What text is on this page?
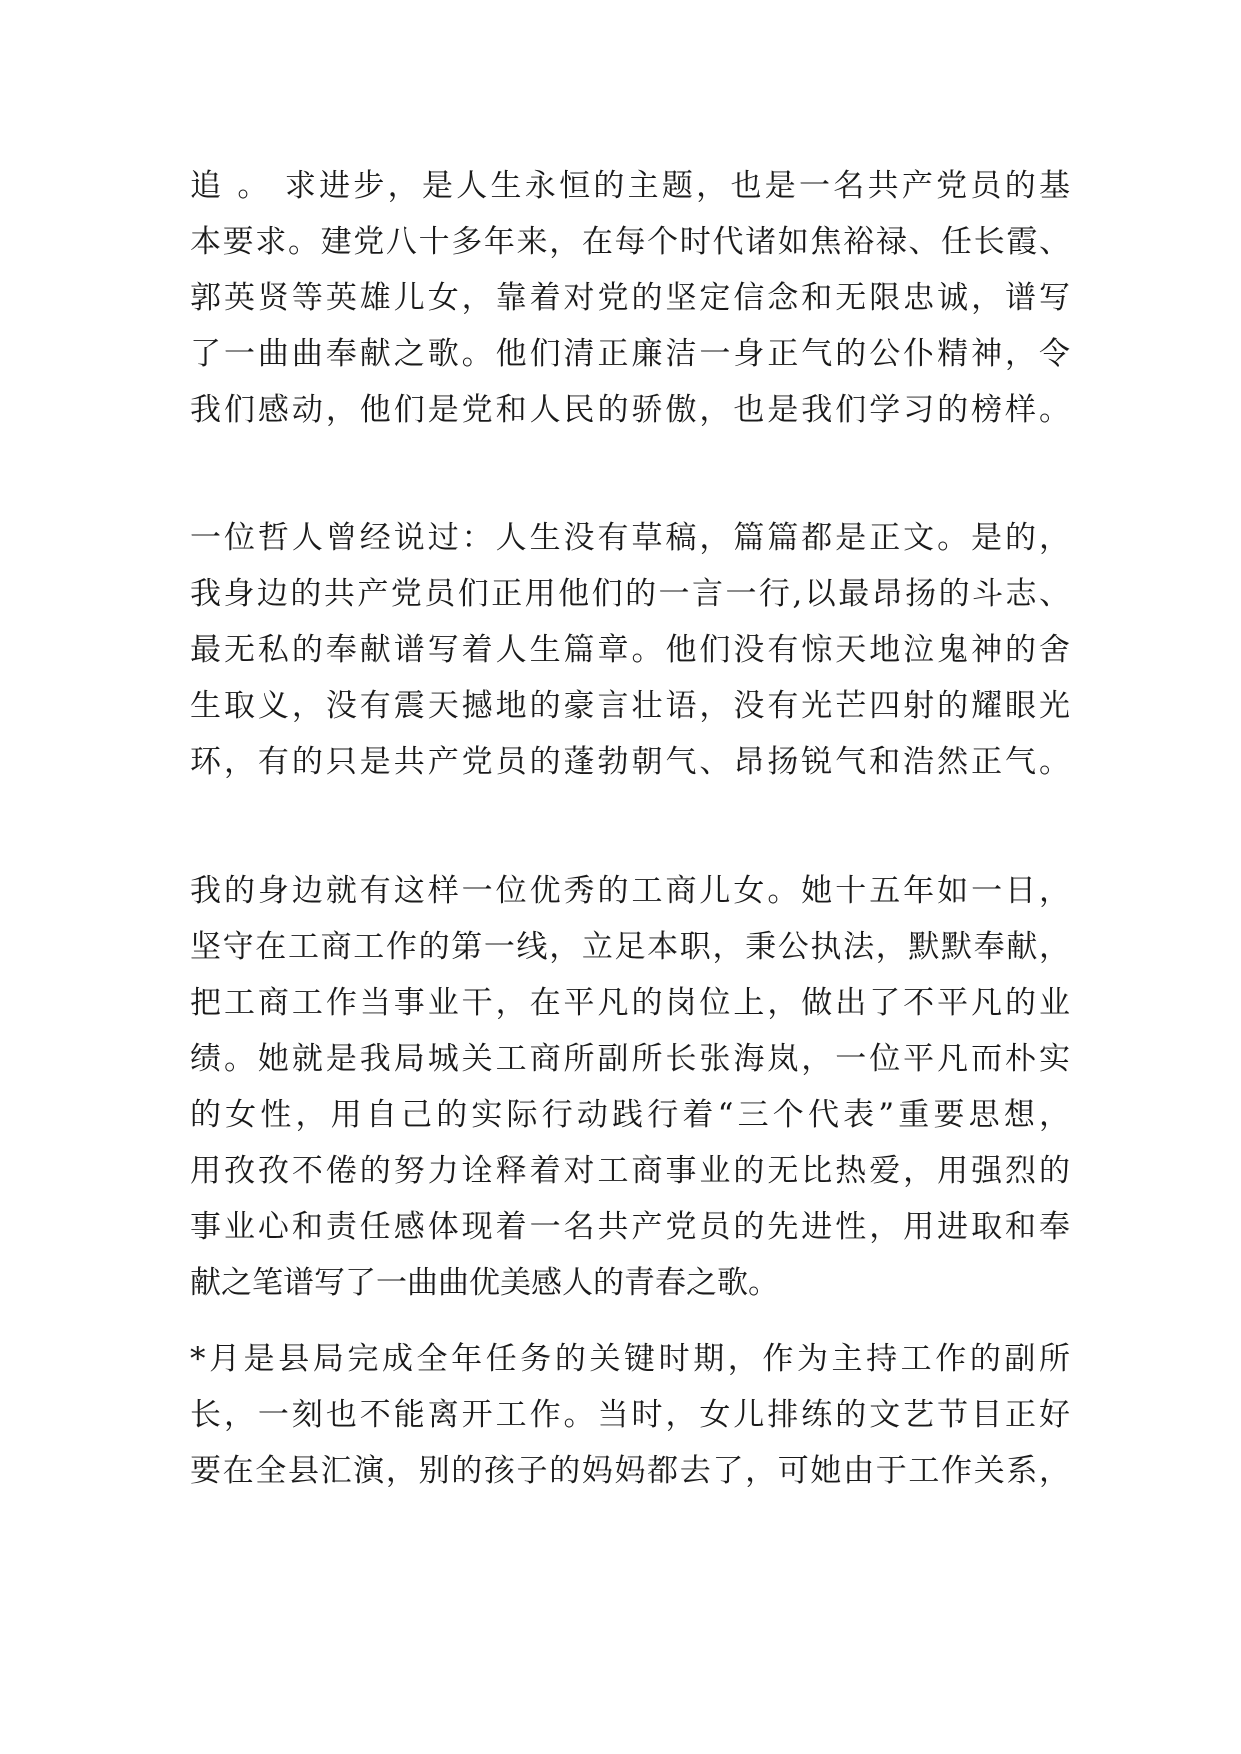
追 。 求进步，是人生永恒的主题，也是一名共产党员的基
本要求。建党八十多年来，在每个时代诸如焦裕禄、任长霞、
郭英贤等英雄儿女，靠着对党的坚定信念和无限忠诚，谱写
了一曲曲奉献之歌。他们清正廉洁一身正气的公仆精神，令
我们感动，他们是党和人民的骄傲，也是我们学习的榜样。
一位哲人曾经说过：人生没有草稿，篇篇都是正文。是的，
我身边的共产党员们正用他们的一言一行,以最昂扬的斗志、
最无私的奉献谱写着人生篇章。他们没有惊天地泣鬼神的舍
生取义，没有震天撼地的豪言壮语，没有光芒四射的耀眼光
环，有的只是共产党员的蓬勃朝气、昂扬锐气和浩然正气。
我的身边就有这样一位优秀的工商儿女。她十五年如一日，
坚守在工商工作的第一线，立足本职，秉公执法，默默奉献，
把工商工作当事业干，在平凡的岗位上，做出了不平凡的业
绩。她就是我局城关工商所副所长张海岚，一位平凡而朴实
的女性，用自己的实际行动践行着“三个代表”重要思想，
用孜孜不倦的努力诠释着对工商事业的无比热爱，用强烈的
事业心和责任感体现着一名共产党员的先进性，用进取和奉
献之笔谱写了一曲曲优美感人的青春之歌。
*月是县局完成全年任务的关键时期，作为主持工作的副所
长，一刻也不能离开工作。当时，女儿排练的文艺节目正好
要在全县汇演，别的孩子的妈妈都去了，可她由于工作关系，
